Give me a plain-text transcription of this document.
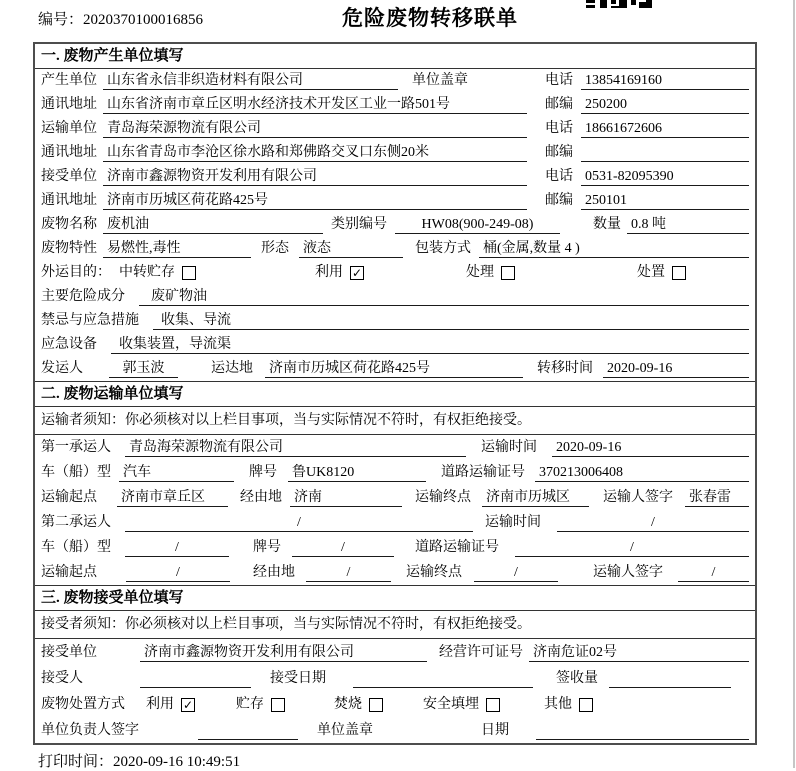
编号：2020370100016856	危险废物转移联单
一. 废物产生单位填写
产生单位 山东省永信非织造材料有限公司	单位盖章	电话 13854169160
通讯地址 山东省济南市章丘区明水经济技术开发区工业一路501号	邮编 250200
运输单位 青岛海荣源物流有限公司	电话 18661672606
通讯地址 山东省青岛市李沧区徐水路和郑佛路交叉口东侧20米	邮编
接受单位 济南市鑫源物资开发利用有限公司	电话 0531-82095390
通讯地址 济南市历城区荷花路425号	邮编 250101
废物名称 废机油	类别编号	HW08(900-249-08)	数量 0.8 吨
废物特性 易燃性,毒性	形态 液态	包装方式 桶(金属,数量 4 )
外运目的： 中转贮存	利用 ✓	处理	处置
主要危险成分	废矿物油
禁忌与应急措施	收集、导流
应急设备	收集装置，导流渠
发运人	郭玉波	运达地 济南市历城区荷花路425号	转移时间 2020-09-16
二. 废物运输单位填写
运输者须知：你必须核对以上栏目事项，当与实际情况不符时，有权拒绝接受。
第一承运人 青岛海荣源物流有限公司	运输时间 2020-09-16
车（船）型 汽车	牌号 鲁UK8120	道路运输证号 370213006408
运输起点 济南市章丘区	经由地 济南	运输终点 济南市历城区	运输人签字 张春雷
第二承运人	/	运输时间	/
车（船）型	/	牌号	/	道路运输证号	/
运输起点	/	经由地	/	运输终点	/	运输人签字	/
三. 废物接受单位填写
接受者须知：你必须核对以上栏目事项，当与实际情况不符时，有权拒绝接受。
接受单位	济南市鑫源物资开发利用有限公司	经营许可证号 济南危证02号
接受人	接受日期	签收量
废物处置方式 利用 ✓	贮存	焚烧	安全填埋	其他
单位负责人签字	单位盖章	日期
打印时间：2020-09-16 10:49:51
